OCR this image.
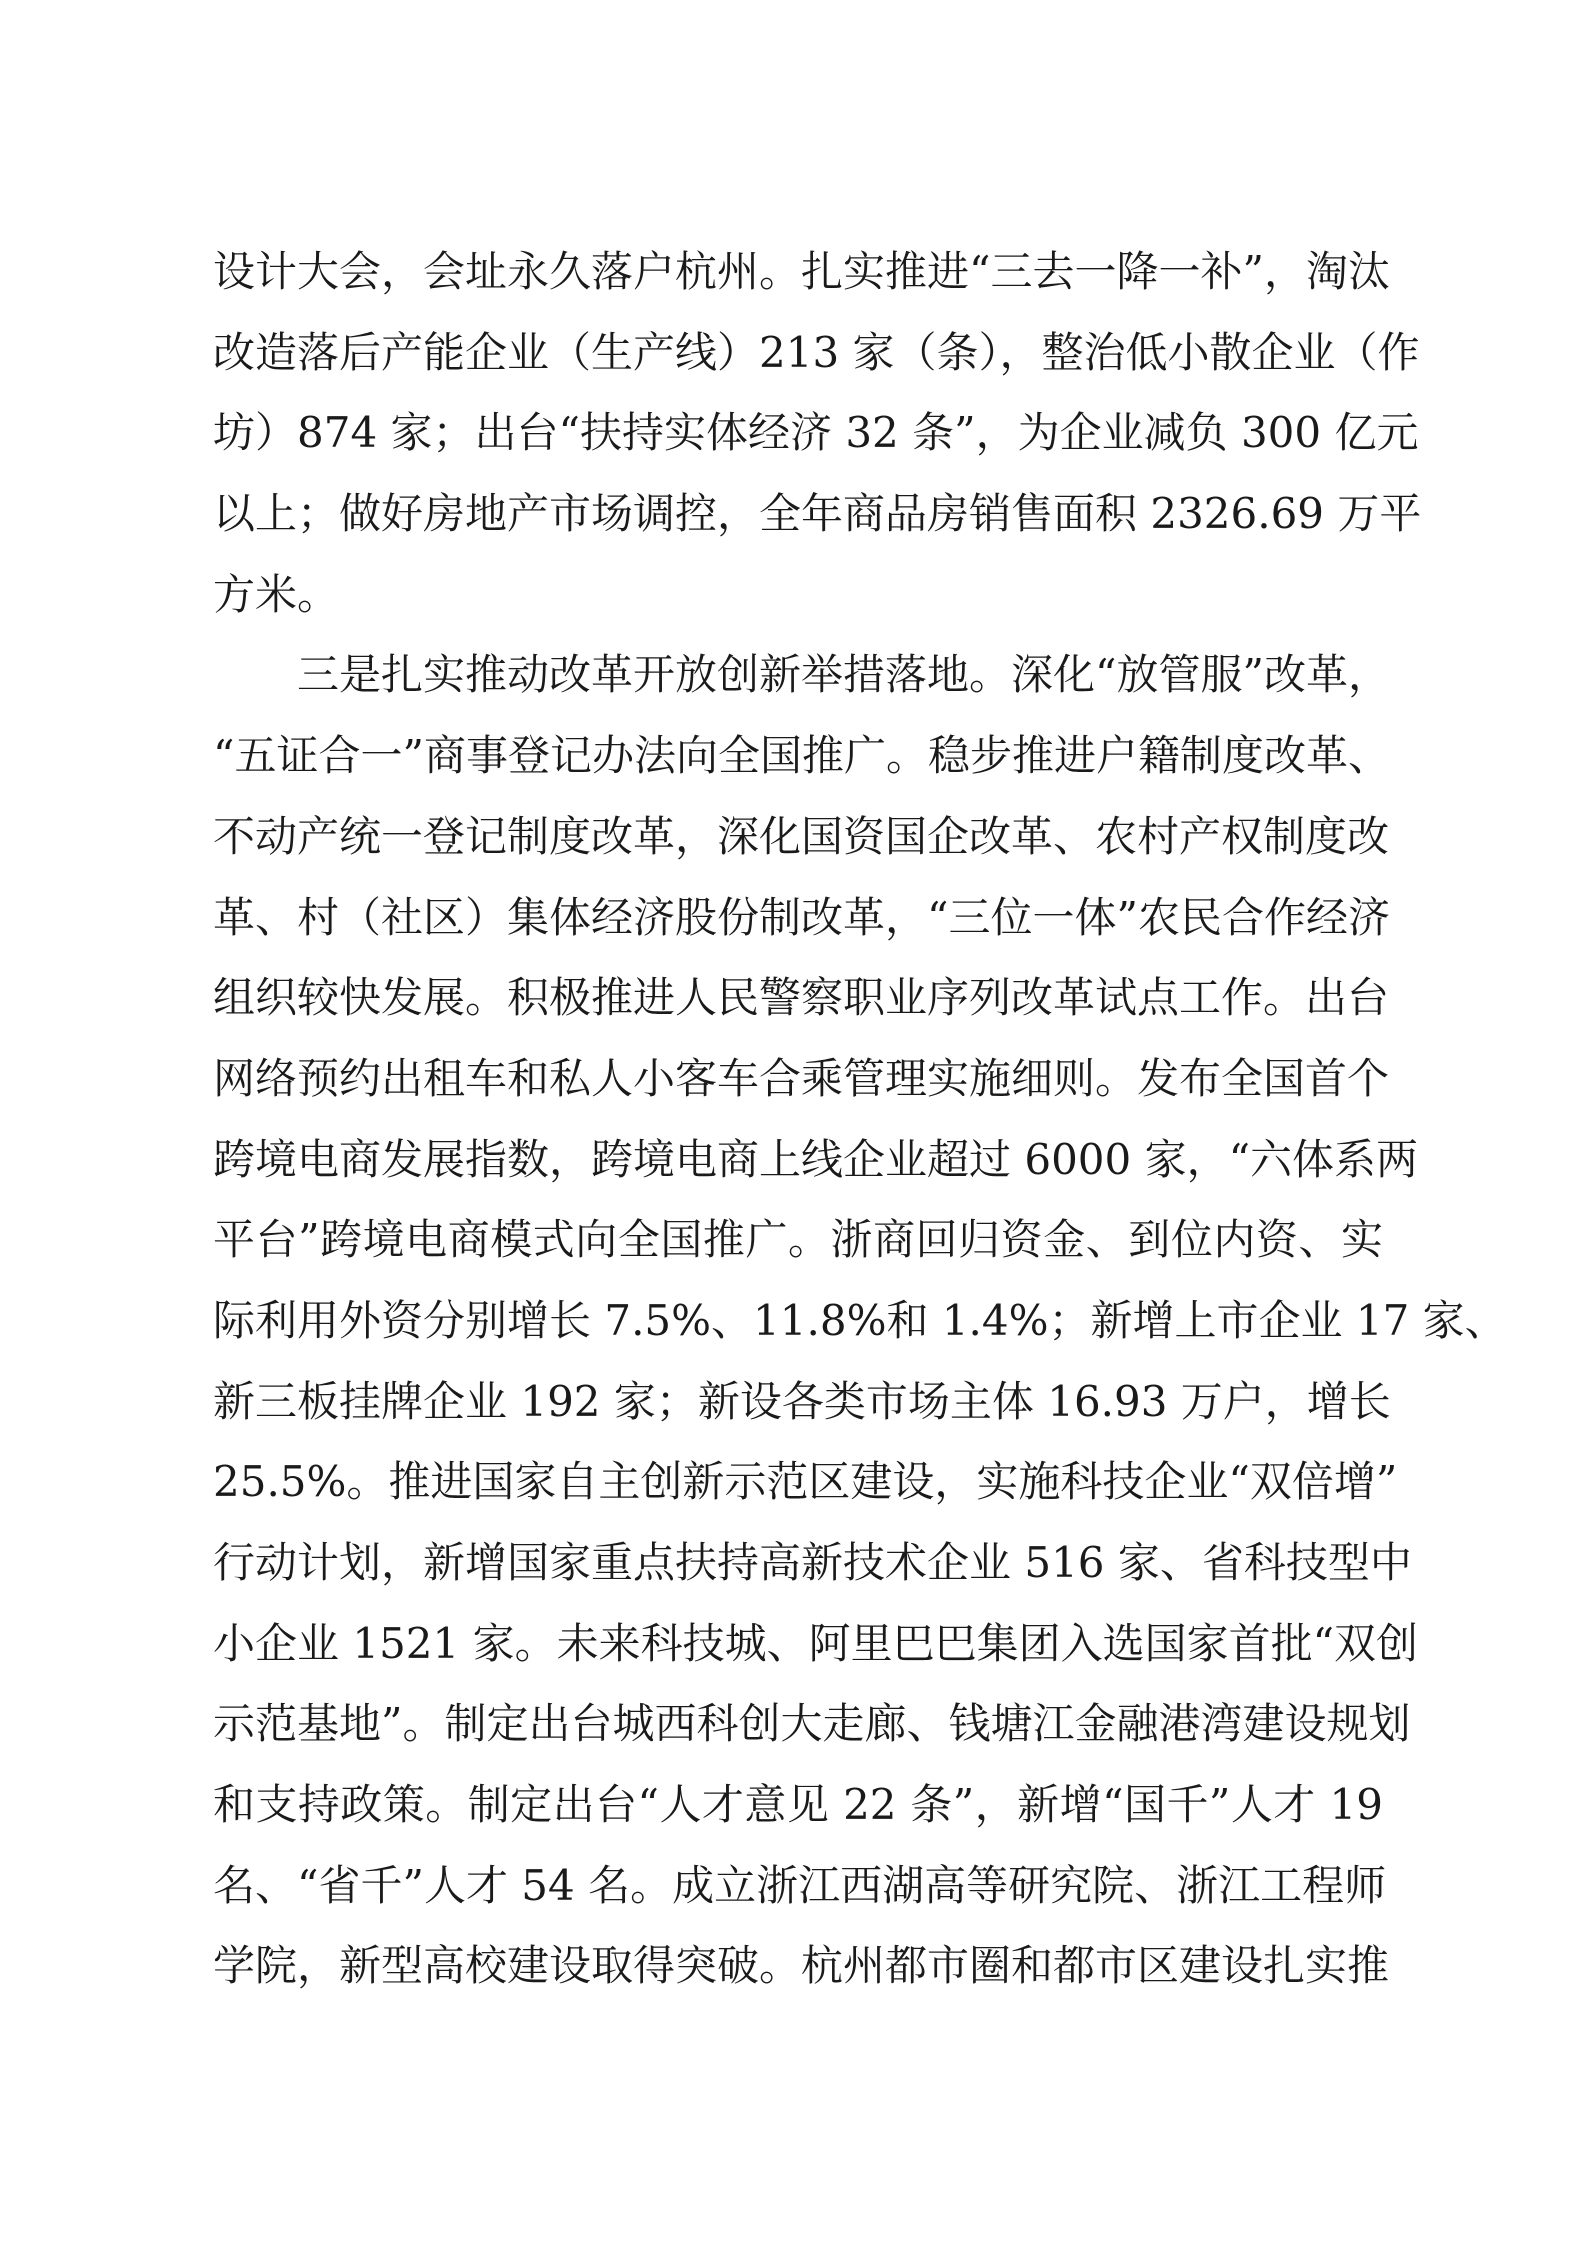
设计大会，会址永久落户杭州。扎实推进“三去一降一补”，淘汰
改造落后产能企业（生产线）213 家（条），整治低小散企业（作
坊）874 家；出台“扶持实体经济 32 条”，为企业减负 300 亿元
以上；做好房地产市场调控，全年商品房销售面积 2326.69 万平
方米。
　　三是扎实推动改革开放创新举措落地。深化“放管服”改革，
“五证合一”商事登记办法向全国推广。稳步推进户籍制度改革、
不动产统一登记制度改革，深化国资国企改革、农村产权制度改
革、村（社区）集体经济股份制改革，“三位一体”农民合作经济
组织较快发展。积极推进人民警察职业序列改革试点工作。出台
网络预约出租车和私人小客车合乘管理实施细则。发布全国首个
跨境电商发展指数，跨境电商上线企业超过 6000 家，“六体系两
平台”跨境电商模式向全国推广。浙商回归资金、到位内资、实
际利用外资分别增长 7.5%、11.8%和 1.4%；新增上市企业 17 家、
新三板挂牌企业 192 家；新设各类市场主体 16.93 万户，增长
25.5%。推进国家自主创新示范区建设，实施科技企业“双倍增”
行动计划，新增国家重点扶持高新技术企业 516 家、省科技型中
小企业 1521 家。未来科技城、阿里巴巴集团入选国家首批“双创
示范基地”。制定出台城西科创大走廊、钱塘江金融港湾建设规划
和支持政策。制定出台“人才意见 22 条”，新增“国千”人才 19
名、“省千”人才 54 名。成立浙江西湖高等研究院、浙江工程师
学院，新型高校建设取得突破。杭州都市圈和都市区建设扎实推
